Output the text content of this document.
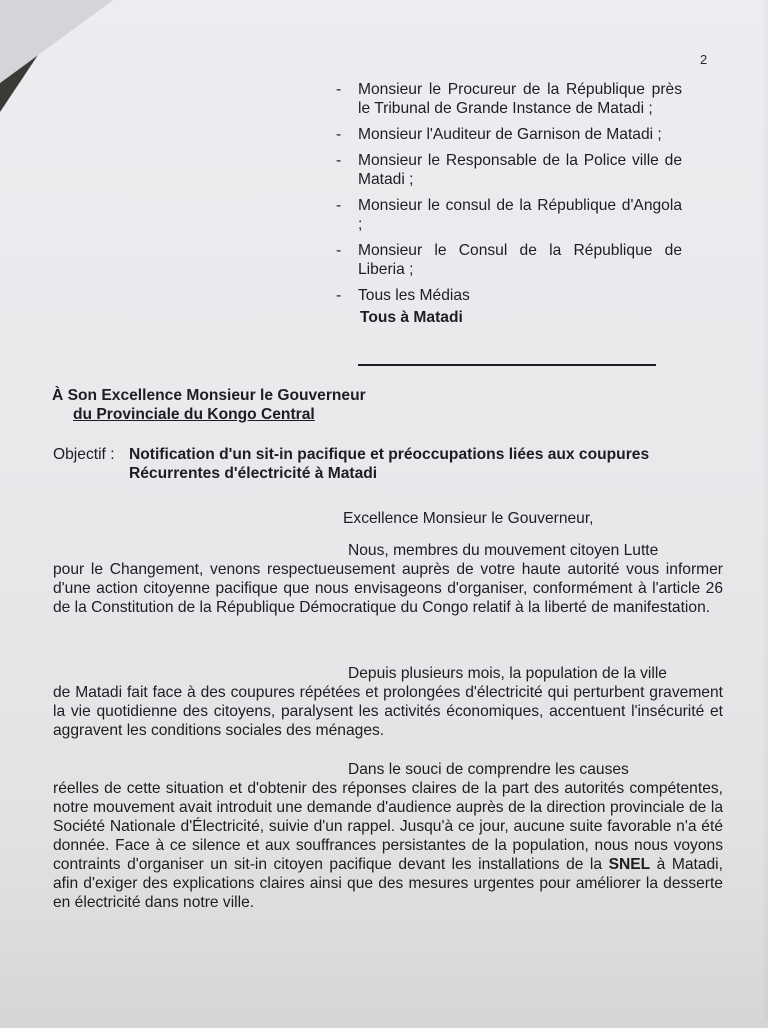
2
-	Monsieur le Procureur de la République près le Tribunal de Grande Instance de Matadi ;
-	Monsieur l'Auditeur de Garnison de Matadi ;
-	Monsieur le Responsable de la Police ville de Matadi ;
-	Monsieur le consul de la République d'Angola ;
-	Monsieur le Consul de la République de Liberia ;
-	Tous les Médias
Tous à Matadi
À Son Excellence Monsieur le Gouverneur
du Provinciale du Kongo Central
Objectif : Notification d'un sit-in pacifique et préoccupations liées aux coupures
Récurrentes d'électricité à Matadi
Excellence Monsieur le Gouverneur,
Nous, membres du mouvement citoyen Lutte
pour le Changement, venons respectueusement auprès de votre haute autorité vous informer d'une action citoyenne pacifique que nous envisageons d'organiser, conformément à l'article 26 de la Constitution de la République Démocratique du Congo relatif à la liberté de manifestation.
Depuis plusieurs mois, la population de la ville
de Matadi fait face à des coupures répétées et prolongées d'électricité qui perturbent gravement la vie quotidienne des citoyens, paralysent les activités économiques, accentuent l'insécurité et aggravent les conditions sociales des ménages.
Dans le souci de comprendre les causes
réelles de cette situation et d'obtenir des réponses claires de la part des autorités compétentes, notre mouvement avait introduit une demande d'audience auprès de la direction provinciale de la Société Nationale d'Électricité, suivie d'un rappel. Jusqu'à ce jour, aucune suite favorable n'a été donnée. Face à ce silence et aux souffrances persistantes de la population, nous nous voyons contraints d'organiser un sit-in citoyen pacifique devant les installations de la SNEL à Matadi, afin d'exiger des explications claires ainsi que des mesures urgentes pour améliorer la desserte en électricité dans notre ville.
